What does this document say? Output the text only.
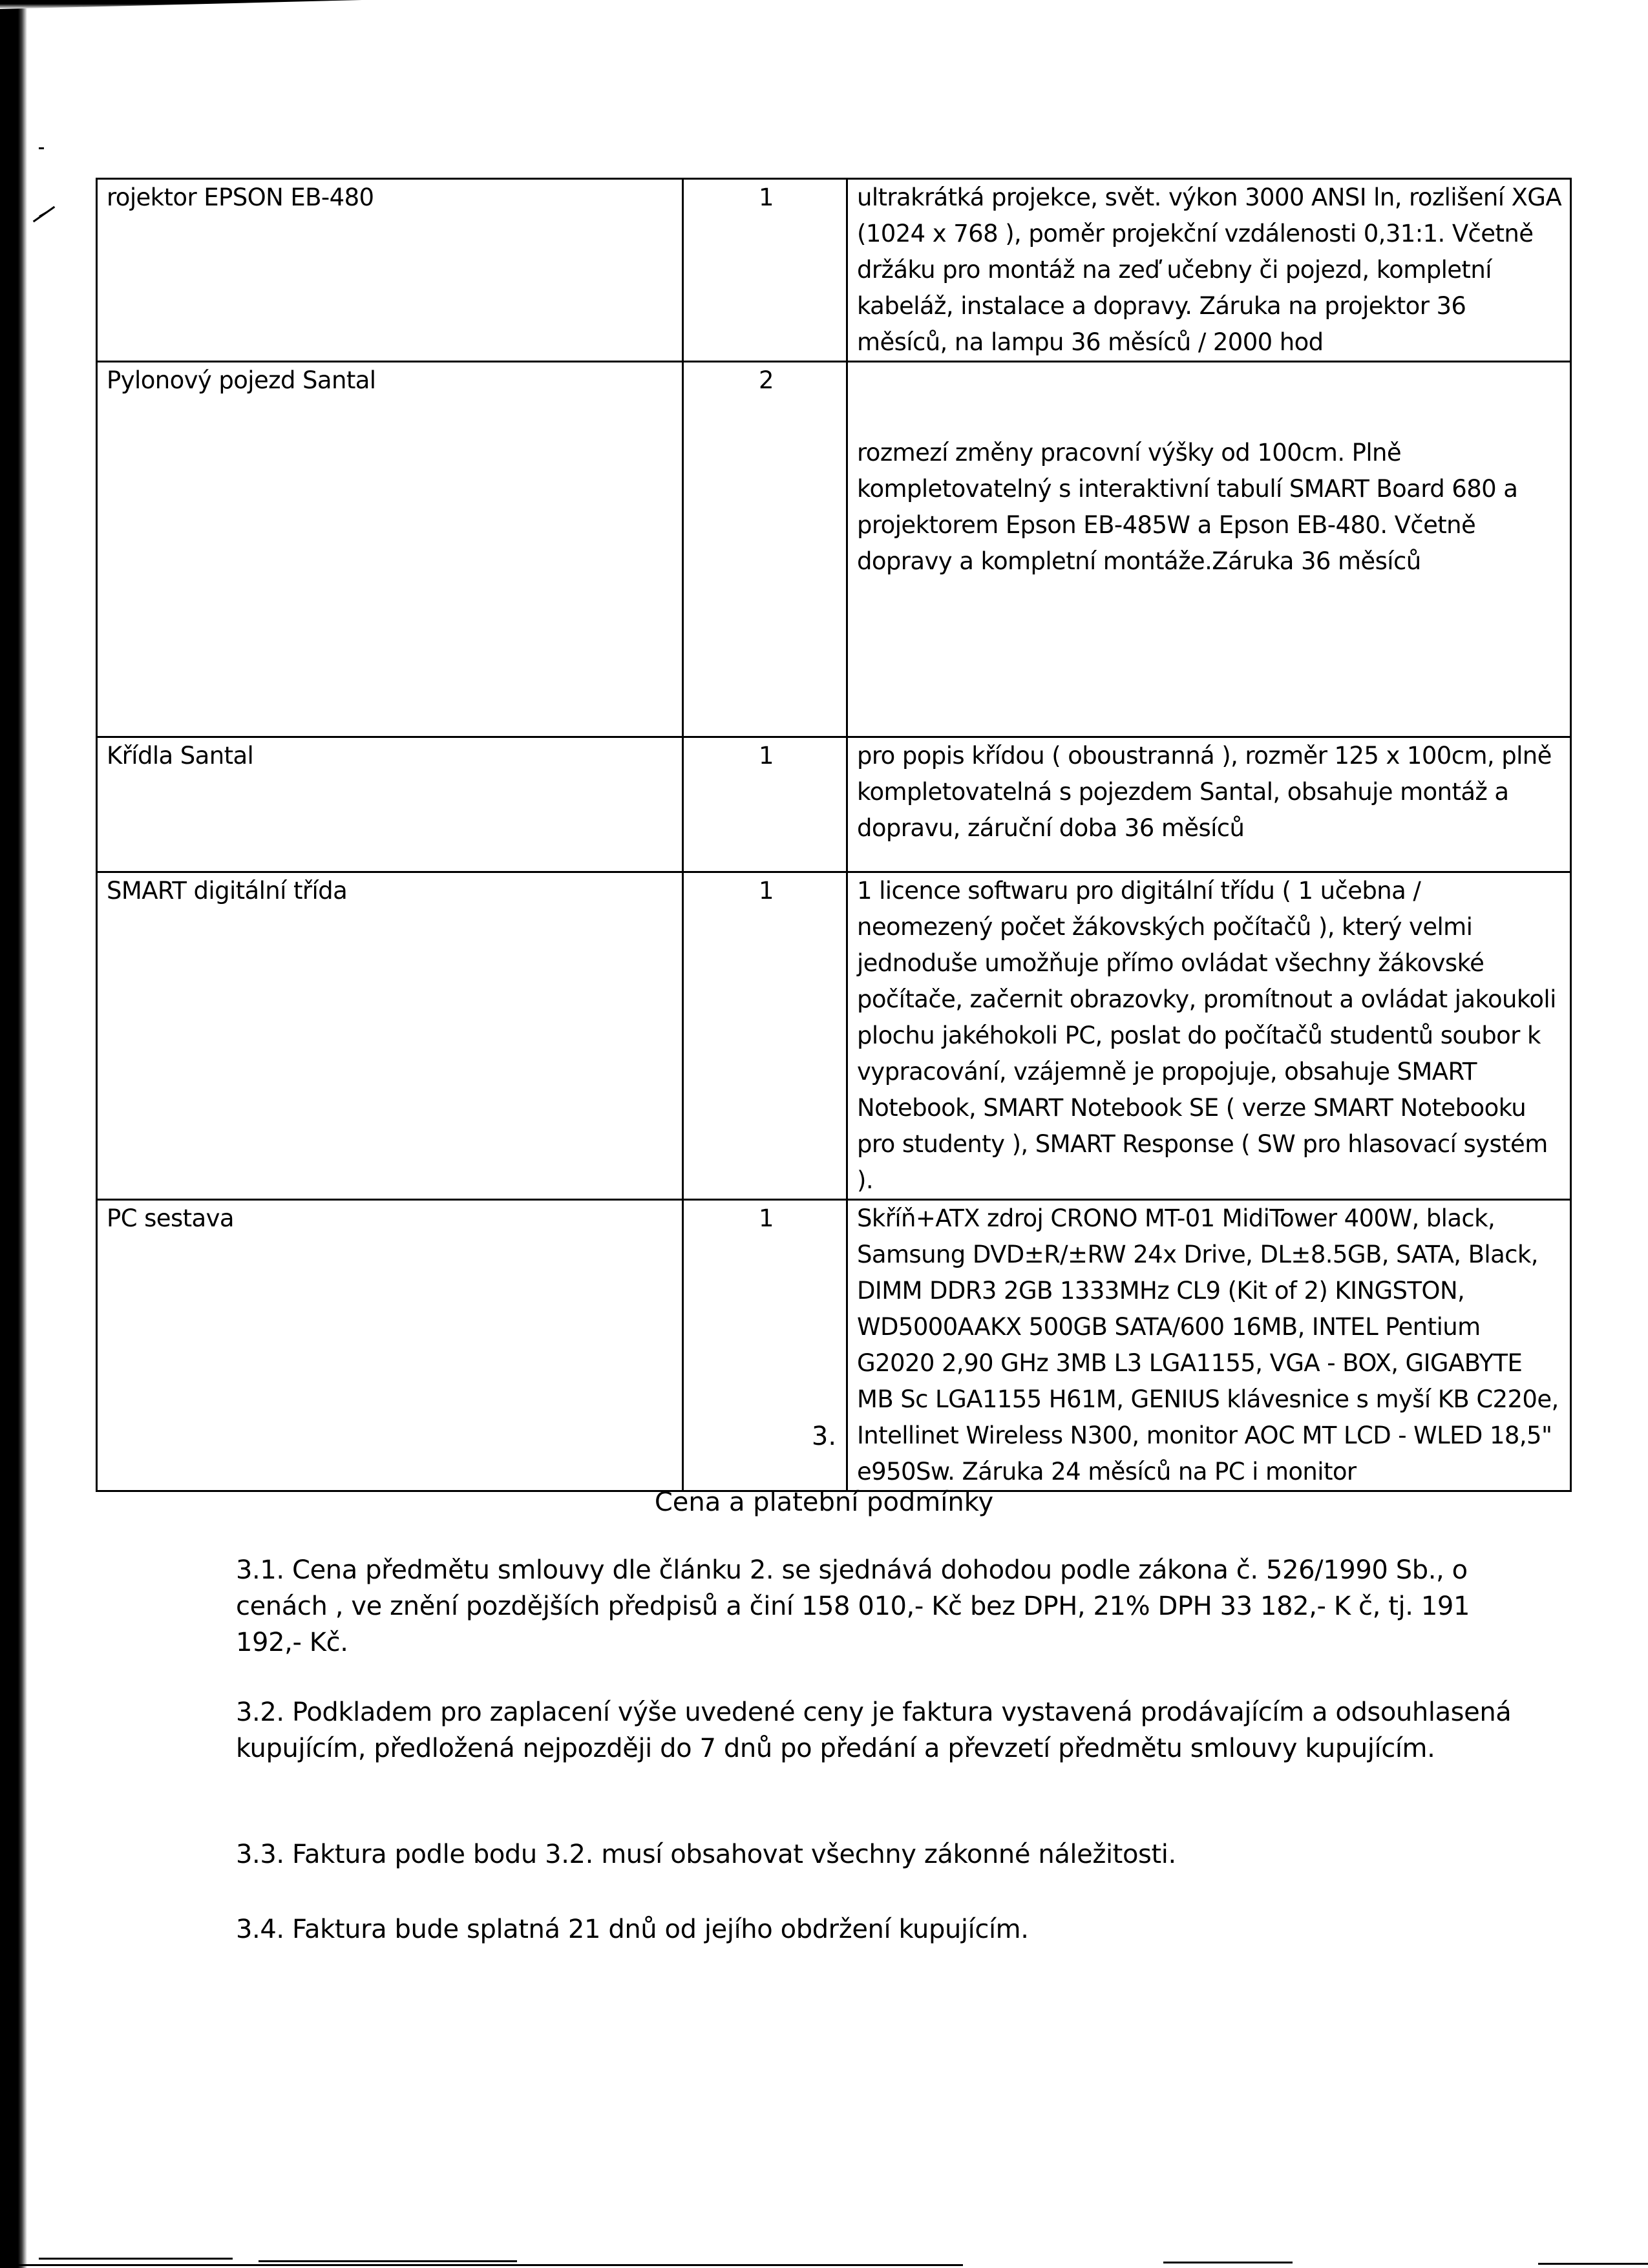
rojektor EPSON EB-480	1	ultrakrátká projekce, svět. výkon 3000 ANSI ln, rozlišení XGA (1024 x 768 ), poměr projekční vzdálenosti 0,31:1. Včetně držáku pro montáž na zeď učebny či pojezd, kompletní kabeláž, instalace a dopravy. Záruka na projektor 36 měsíců, na lampu 36 měsíců / 2000 hod
Pylonový pojezd Santal	2	rozmezí změny pracovní výšky od 100cm. Plně kompletovatelný s interaktivní tabulí SMART Board 680 a projektorem Epson EB-485W a Epson EB-480. Včetně dopravy a kompletní montáže.Záruka 36 měsíců
Křídla Santal	1	pro popis křídou ( oboustranná ), rozměr 125 x 100cm, plně kompletovatelná s pojezdem Santal, obsahuje montáž a dopravu, záruční doba 36 měsíců
SMART digitální třída	1	1 licence softwaru pro digitální třídu ( 1 učebna / neomezený počet žákovských počítačů ), který velmi jednoduše umožňuje přímo ovládat všechny žákovské počítače, začernit obrazovky, promítnout a ovládat jakoukoli plochu jakéhokoli PC, poslat do počítačů studentů soubor k vypracování, vzájemně je propojuje, obsahuje SMART Notebook, SMART Notebook SE ( verze SMART Notebooku pro studenty ), SMART Response ( SW pro hlasovací systém ).
PC sestava	1	Skříň+ATX zdroj CRONO MT-01 MidiTower 400W, black, Samsung DVD±R/±RW 24x Drive, DL±8.5GB, SATA, Black, DIMM DDR3 2GB 1333MHz CL9 (Kit of 2) KINGSTON, WD5000AAKX 500GB SATA/600 16MB, INTEL Pentium G2020 2,90 GHz 3MB L3 LGA1155, VGA - BOX, GIGABYTE MB Sc LGA1155 H61M, GENIUS klávesnice s myší KB C220e, Intellinet Wireless N300, monitor AOC MT LCD - WLED 18,5" e950Sw. Záruka 24 měsíců na PC i monitor
3.
Cena a platební podmínky
3.1. Cena předmětu smlouvy dle článku 2. se sjednává dohodou podle zákona č. 526/1990 Sb., o cenách , ve znění pozdějších předpisů a činí 158 010,- Kč bez DPH, 21% DPH 33 182,- K č, tj. 191 192,- Kč.
3.2. Podkladem pro zaplacení výše uvedené ceny je faktura vystavená prodávajícím a odsouhlasená kupujícím, předložená nejpozději do 7 dnů po předání a převzetí předmětu smlouvy kupujícím.
3.3. Faktura podle bodu 3.2. musí obsahovat všechny zákonné náležitosti.
3.4. Faktura bude splatná 21 dnů od jejího obdržení kupujícím.
